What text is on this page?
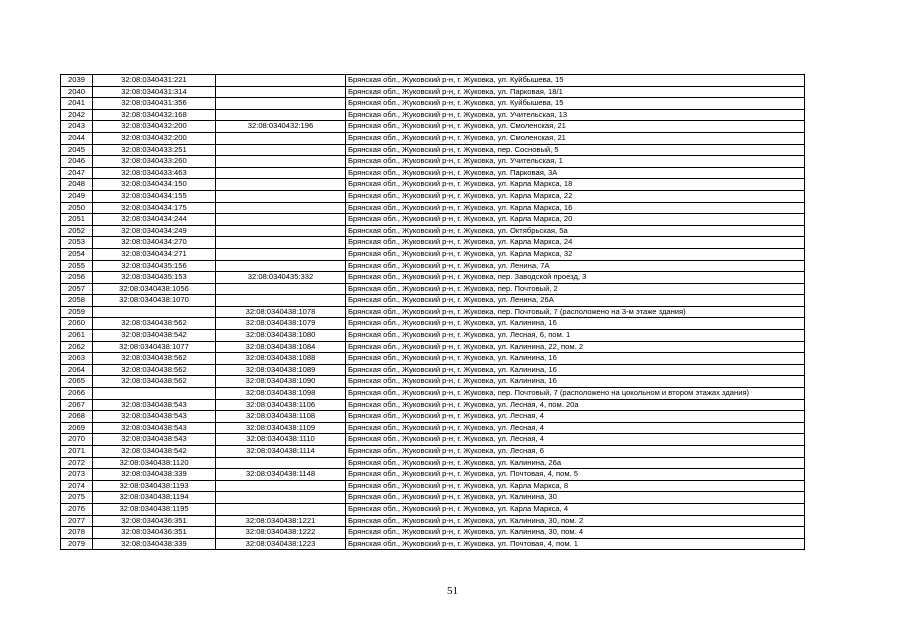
2039	32:08:0340431:221		Брянская обл., Жуковский р-н, г. Жуковка, ул. Куйбышева, 15
2040	32:08:0340431:314		Брянская обл., Жуковский р-н, г. Жуковка, ул. Парковая, 18/1
2041	32:08:0340431:356		Брянская обл., Жуковский р-н, г. Жуковка, ул. Куйбышева, 15
2042	32:08:0340432:168		Брянская обл., Жуковский р-н, г. Жуковка, ул. Учительская, 13
2043	32:08:0340432:200	32:08:0340432:196	Брянская обл., Жуковский р-н, г. Жуковка, ул. Смоленская, 21
2044	32:08:0340432:200		Брянская обл., Жуковский р-н, г. Жуковка, ул. Смоленская, 21
2045	32:08:0340433:251		Брянская обл., Жуковский р-н, г. Жуковка, пер. Сосновый, 5
2046	32:08:0340433:260		Брянская обл., Жуковский р-н, г. Жуковка, ул. Учительская, 1
2047	32:08:0340433:463		Брянская обл., Жуковский р-н, г. Жуковка, ул. Парковая, 3А
2048	32:08:0340434:150		Брянская обл., Жуковский р-н, г. Жуковка, ул. Карла Маркса, 18
2049	32:08:0340434:155		Брянская обл., Жуковский р-н, г. Жуковка, ул. Карла Маркса, 22
2050	32:08:0340434:175		Брянская обл., Жуковский р-н, г. Жуковка, ул. Карла Маркса, 16
2051	32:08:0340434:244		Брянская обл., Жуковский р-н, г. Жуковка, ул. Карла Маркса, 20
2052	32:08:0340434:249		Брянская обл., Жуковский р-н, г. Жуковка, ул. Октябрьская, 5а
2053	32:08:0340434:270		Брянская обл., Жуковский р-н, г. Жуковка, ул. Карла Маркса, 24
2054	32:08:0340434:271		Брянская обл., Жуковский р-н, г. Жуковка, ул. Карла Маркса, 32
2055	32:08:0340435:156		Брянская обл., Жуковский р-н, г. Жуковка, ул. Ленина, 7А
2056	32:08:0340435:153	32:08:0340435:332	Брянская обл., Жуковский р-н, г. Жуковка, пер. Заводской проезд, 3
2057	32:08:0340438:1056		Брянская обл., Жуковский р-н, г. Жуковка, пер. Почтовый, 2
2058	32:08:0340438:1070		Брянская обл., Жуковский р-н, г. Жуковка, ул. Ленина, 26А
2059		32:08:0340438:1078	Брянская обл., Жуковский р-н, г. Жуковка, пер. Почтовый, 7 (расположено на 3-м этаже здания)
2060	32:08:0340438:562	32:08:0340438:1079	Брянская обл., Жуковский р-н, г. Жуковка, ул. Калинина, 16
2061	32:08:0340438:542	32:08:0340438:1080	Брянская обл., Жуковский р-н, г. Жуковка, ул. Лесная, 6, пом. 1
2062	32:08:0340438:1077	32:08:0340438:1084	Брянская обл., Жуковский р-н, г. Жуковка, ул. Калинина, 22, пом. 2
2063	32:08:0340438:562	32:08:0340438:1088	Брянская обл., Жуковский р-н, г. Жуковка, ул. Калинина, 16
2064	32:08:0340438:562	32:08:0340438:1089	Брянская обл., Жуковский р-н, г. Жуковка, ул. Калинина, 16
2065	32:08:0340438:562	32:08:0340438:1090	Брянская обл., Жуковский р-н, г. Жуковка, ул. Калинина, 16
2066		32:08:0340438:1098	Брянская обл., Жуковский р-н, г. Жуковка, пер. Почтовый, 7 (расположено на цокольном и втором этажах здания)
2067	32:08:0340438:543	32:08:0340438:1106	Брянская обл., Жуковский р-н, г. Жуковка, ул. Лесная, 4, пом. 20а
2068	32:08:0340438:543	32:08:0340438:1108	Брянская обл., Жуковский р-н, г. Жуковка, ул. Лесная, 4
2069	32:08:0340438:543	32:08:0340438:1109	Брянская обл., Жуковский р-н, г. Жуковка, ул. Лесная, 4
2070	32:08:0340438:543	32:08:0340438:1110	Брянская обл., Жуковский р-н, г. Жуковка, ул. Лесная, 4
2071	32:08:0340438:542	32:08:0340438:1114	Брянская обл., Жуковский р-н, г. Жуковка, ул. Лесная, 6
2072	32:08:0340438:1120		Брянская обл., Жуковский р-н, г. Жуковка, ул. Калинина, 26а
2073	32:08:0340438:339	32:08:0340438:1148	Брянская обл., Жуковский р-н, г. Жуковка, ул. Почтовая, 4, пом. 5
2074	32:08:0340438:1193		Брянская обл., Жуковский р-н, г. Жуковка, ул. Карла Маркса, 8
2075	32:08:0340438:1194		Брянская обл., Жуковский р-н, г. Жуковка, ул. Калинина, 30
2076	32:08:0340438:1195		Брянская обл., Жуковский р-н, г. Жуковка, ул. Карла Маркса, 4
2077	32:08:0340436:351	32:08:0340438:1221	Брянская обл., Жуковский р-н, г. Жуковка, ул. Калинина, 30, пом. 2
2078	32:08:0340436:351	32:08:0340438:1222	Брянская обл., Жуковский р-н, г. Жуковка, ул. Калинина, 30, пом. 4
2079	32:08:0340438:339	32:08:0340438:1223	Брянская обл., Жуковский р-н, г. Жуковка, ул. Почтовая, 4, пом. 1
51
